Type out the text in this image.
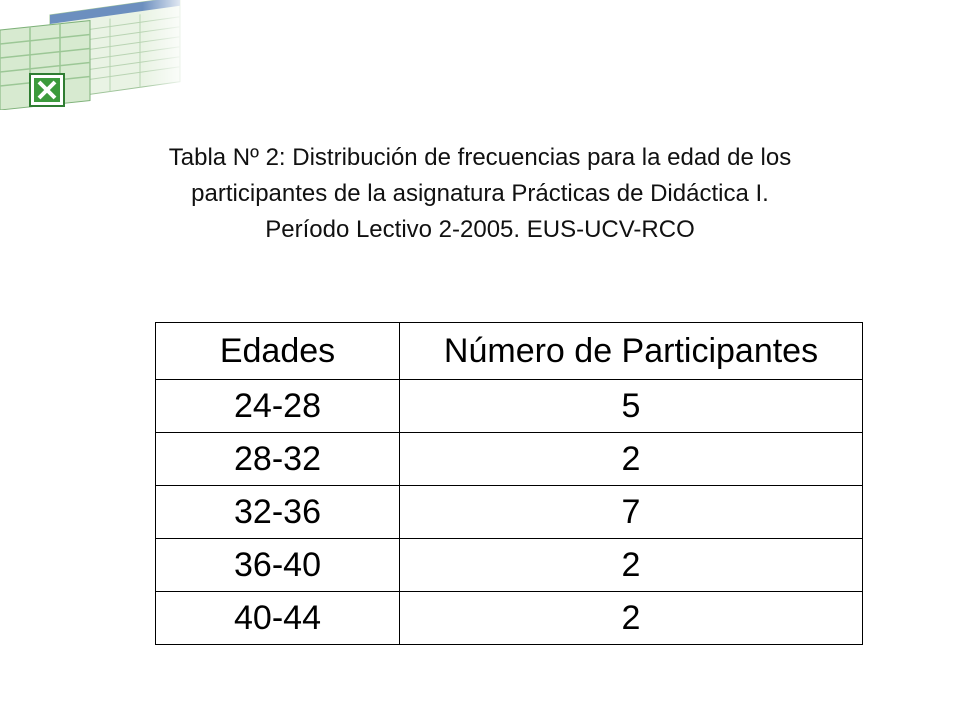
Tabla Nº 2: Distribución de frecuencias para la edad de los
participantes de la asignatura Prácticas de Didáctica I.
Período Lectivo 2-2005. EUS-UCV-RCO
Edades	Número de Participantes
24-28	5
28-32	2
32-36	7
36-40	2
40-44	2
